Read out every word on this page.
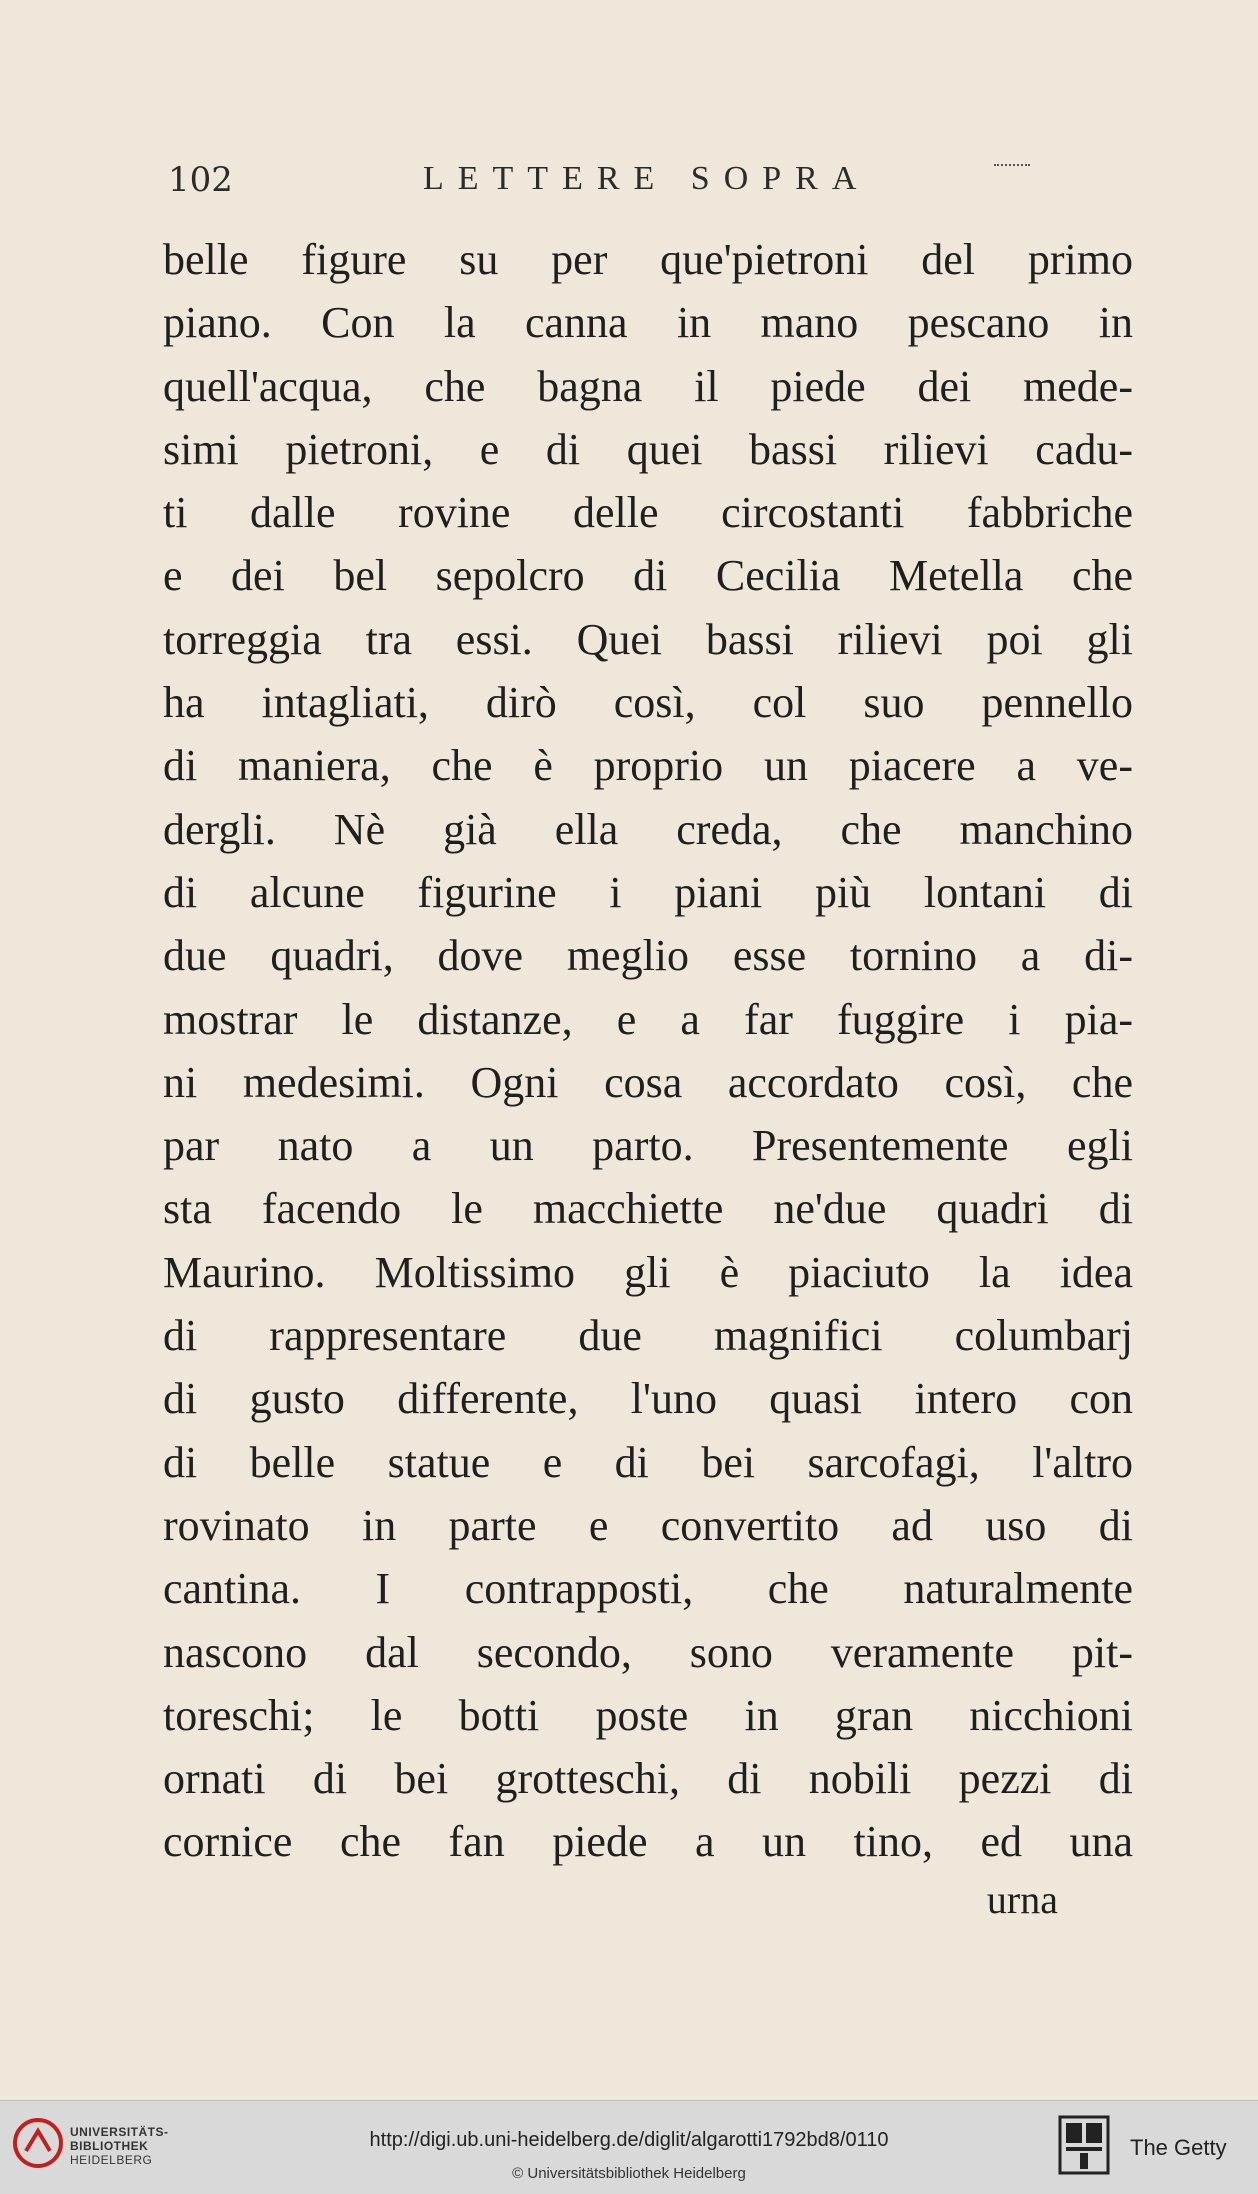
102	LETTERE SOPRA
belle figure su per que'pietroni del primo
piano. Con la canna in mano pescano in
quell'acqua, che bagna il piede dei mede-
simi pietroni, e di quei bassi rilievi cadu-
ti dalle rovine delle circostanti fabbriche
e dei bel sepolcro di Cecilia Metella che
torreggia tra essi. Quei bassi rilievi poi gli
ha intagliati, dirò così, col suo pennello
di maniera, che è proprio un piacere a ve-
dergli. Nè già ella creda, che manchino
di alcune figurine i piani più lontani di
due quadri, dove meglio esse tornino a di-
mostrar le distanze, e a far fuggire i pia-
ni medesimi. Ogni cosa accordato così, che
par nato a un parto. Presentemente egli
sta facendo le macchiette ne'due quadri di
Maurino. Moltissimo gli è piaciuto la idea
di rappresentare due magnifici columbarj
di gusto differente, l'uno quasi intero con
di belle statue e di bei sarcofagi, l'altro
rovinato in parte e convertito ad uso di
cantina. I contrapposti, che naturalmente
nascono dal secondo, sono veramente pit-
toreschi; le botti poste in gran nicchioni
ornati di bei grotteschi, di nobili pezzi di
cornice che fan piede a un tino, ed una
urna
UNIVERSITÄTS-
BIBLIOTHEK
HEIDELBERG
http://digi.ub.uni-heidelberg.de/diglit/algarotti1792bd8/0110
© Universitätsbibliothek Heidelberg
The Getty
